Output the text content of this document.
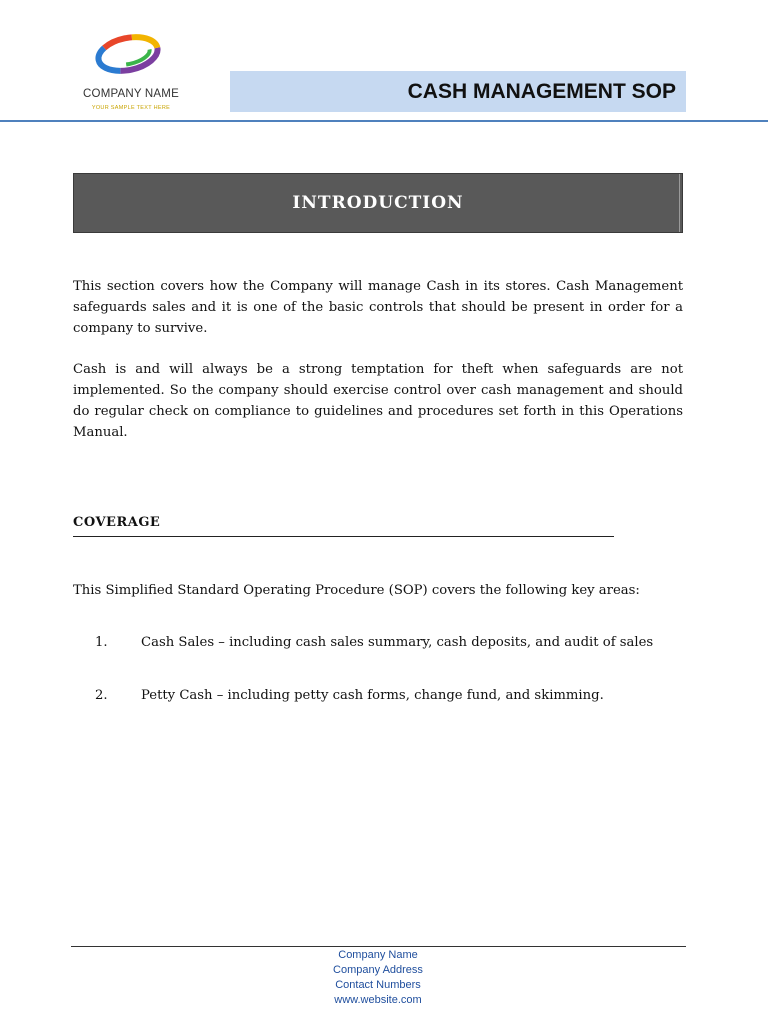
COMPANY NAME
YOUR SAMPLE TEXT HERE
CASH MANAGEMENT SOP
INTRODUCTION

This section covers how the Company will manage Cash in its stores. Cash Management safeguards sales and it is one of the basic controls that should be present in order for a company to survive.

Cash is and will always be a strong temptation for theft when safeguards are not implemented. So the company should exercise control over cash management and should do regular check on compliance to guidelines and procedures set forth in this Operations Manual.

COVERAGE

This Simplified Standard Operating Procedure (SOP) covers the following key areas:

1.	Cash Sales – including cash sales summary, cash deposits, and audit of sales
2.	Petty Cash – including petty cash forms, change fund, and skimming.
Company Name
Company Address
Contact Numbers
www.website.com
